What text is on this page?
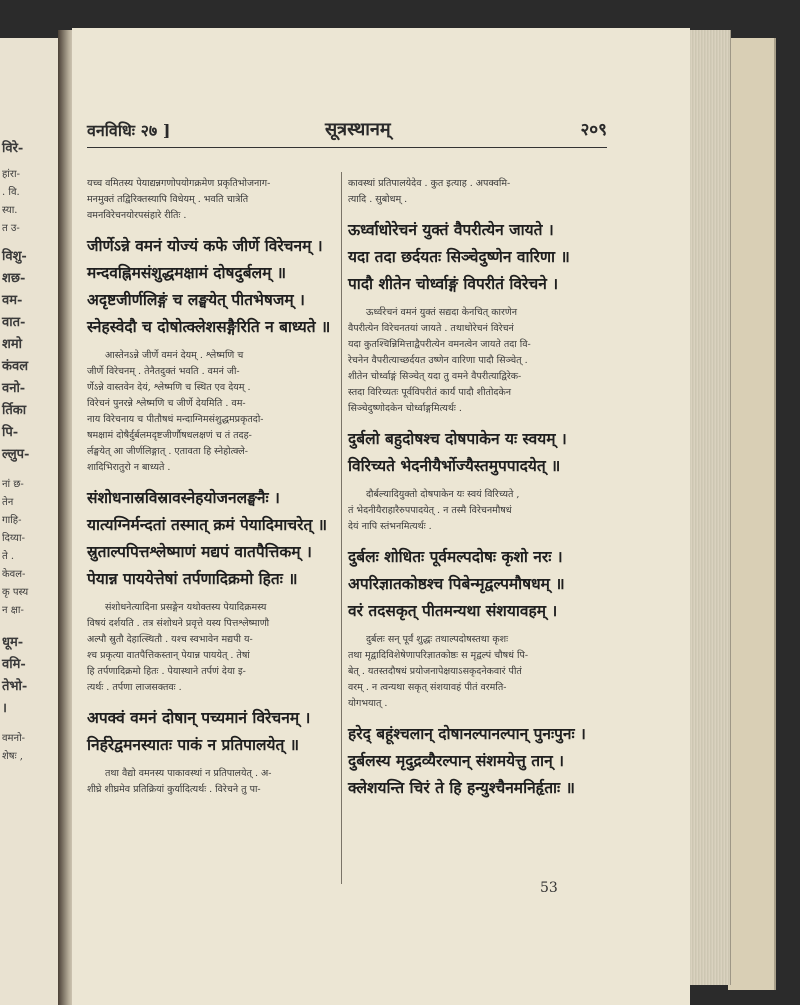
विरे-
हांरा-
. वि.
स्या.
त उ-
विशु-
शछ-
वम-
वात-
शमो
कंवल
वनो-
र्तिका
पि-
ल्लुप-
नां छ-
तेन
गाहि-
दिय्या-
ते .
केवल-
कृ पस्य
न क्षा-
धूम-
वमि-
तेभो-
।
वमनो-
शेषः ,
वनविधिः २७ ]	सूत्रस्थानम्	२०९
यच्च वमितस्य पेयाद्यन्नगणोपयोगक्रमेण प्रकृतिभोजनाग-
मनमुक्तं तद्विरिक्तस्यापि विधेयम् . भवति चात्रेति
वमनविरेचनयोरपसंहारे रीतिः .
जीर्णेऽन्ने वमनं योज्यं कफे जीर्णे विरेचनम् ।
मन्दवह्निमसंशुद्धमक्षामं दोषदुर्बलम् ॥
अदृष्टजीर्णलिङ्गं च लङ्घयेत् पीतभेषजम् ।
स्नेहस्वेदौ च दोषोत्क्लेशसङ्गैरिति न बाध्यते ॥
आस्तेनऽन्ने जीर्णे वमनं देयम् . श्लेष्मणि च
जीर्णे विरेचनम् . तेनैतदुक्तं भवति . वमनं जी-
र्णेऽन्ने वास्तवेन देयं, श्लेष्मणि च स्थित एव देयम् .
विरेचनं पुनरन्ने श्लेष्मणि च जीर्णे देयमिति . वम-
नाय विरेचनाय च पीतौषधं मन्दाग्निमसंशुद्धमप्रकृतदो-
षमक्षामं दोषैर्दुर्बलमदृष्टजीर्णौषधलक्षणं च तं तदह-
र्लङ्घयेत् आ जीर्णलिङ्गात् . एतावता हि स्नेहोत्क्ले-
शादिभिरातुरो न बाध्यते .
संशोधनास्रविस्रावस्नेहयोजनलङ्घनैः ।
यात्यग्निर्मन्दतां तस्मात् क्रमं पेयादिमाचरेत् ॥
स्रुताल्पपित्तश्लेष्माणं मद्यपं वातपैत्तिकम् ।
पेयान्न पाययेत्तेषां तर्पणादिक्रमो हितः ॥
संशोधनेत्यादिना प्रसङ्गेन यथोक्तस्य पेयादिक्रमस्य
विषयं दर्शयति . तत्र संशोधने प्रवृत्ते यस्य पित्तश्लेष्माणौ
अल्पौ स्रुतौ देहात्स्थितौ . यश्च स्वभावेन मद्यपी य-
श्च प्रकृत्या वातपैत्तिकस्तान् पेयान्न पाययेत् . तेषां
हि तर्पणादिक्रमो हितः . पेयास्थाने तर्पणं देया इ-
त्यर्थः . तर्पणा लाजसक्तवः .
अपक्वं वमनं दोषान् पच्यमानं विरेचनम् ।
निर्हरेद्वमनस्यातः पाकं न प्रतिपालयेत् ॥
तथा वैद्यो वमनस्य पाकावस्थां न प्रतिपालयेत् . अ-
शीघ्रे शीघ्रमेव प्रतिक्रियां कुर्यादित्यर्थः . विरेचने तु पा-
कावस्थां प्रतिपालयेदेव . कुत इत्याह . अपक्वमि-
त्यादि . सुबोधम् .
ऊर्ध्वाधोरेचनं युक्तं वैपरीत्येन जायते ।
यदा तदा छर्दयतः सिञ्चेदुष्णेन वारिणा ॥
पादौ शीतेन चोर्ध्वाङ्गं विपरीतं विरेचने ।
ऊर्ध्वरेचनं वमनं युक्तं सद्यदा केनचित् कारणेन
वैपरीत्येन विरेचनतयां जायते . तथाधोरेचनं विरेचनं
यदा कुतश्चिन्निमित्ताद्वैपरीत्येन वमनत्वेन जायते तदा वि-
रेचनेन वैपरीत्याच्छर्दयत उष्णेन वारिणा पादौ सिञ्चेत् .
शीतेन चोर्ध्वाङ्गं सिञ्चेत् यदा तु वमने वैपरीत्याद्विरेक-
स्तदा विरिच्यतः पूर्वविपरीतं कार्यं पादौ शीतोदकेन
सिञ्चेदुष्णोदकेन चोर्ध्वाङ्गमित्यर्थः .
दुर्बलो बहुदोषश्च दोषपाकेन यः स्वयम् ।
विरिच्यते भेदनीयैर्भोज्यैस्तमुपपादयेत् ॥
दौर्बल्यादियुक्तो दोषपाकेन यः स्वयं विरिच्यते ,
तं भेदनीयैराहारैरुपपादयेत् . न तस्मै विरेचनमौषधं
देयं नापि स्तंभनमित्यर्थः .
दुर्बलः शोधितः पूर्वमल्पदोषः कृशो नरः ।
अपरिज्ञातकोष्ठश्च पिबेन्मृद्वल्पमौषधम् ॥
वरं तदसकृत् पीतमन्यथा संशयावहम् ।
दुर्बलः सन् पूर्वं शुद्धः तथाल्पदोषस्तथा कृशः
तथा मृद्वादिविशेषेणापरिज्ञातकोष्ठः स मृद्वल्पं चौषधं पि-
बेत् . यतस्तदौषधं प्रयोजनापेक्षयाऽसकृदनेकवारं पीतं
वरम् . न त्वन्यथा सकृत् संशयावहं पीतं वरमति-
योगभयात् .
हरेद् बहूंश्चलान् दोषानल्पानल्पान् पुनःपुनः ।
दुर्बलस्य मृदुद्रव्यैरल्पान् संशमयेत्तु तान् ।
क्लेशयन्ति चिरं ते हि हन्युश्चैनमनिर्हृताः ॥
53
